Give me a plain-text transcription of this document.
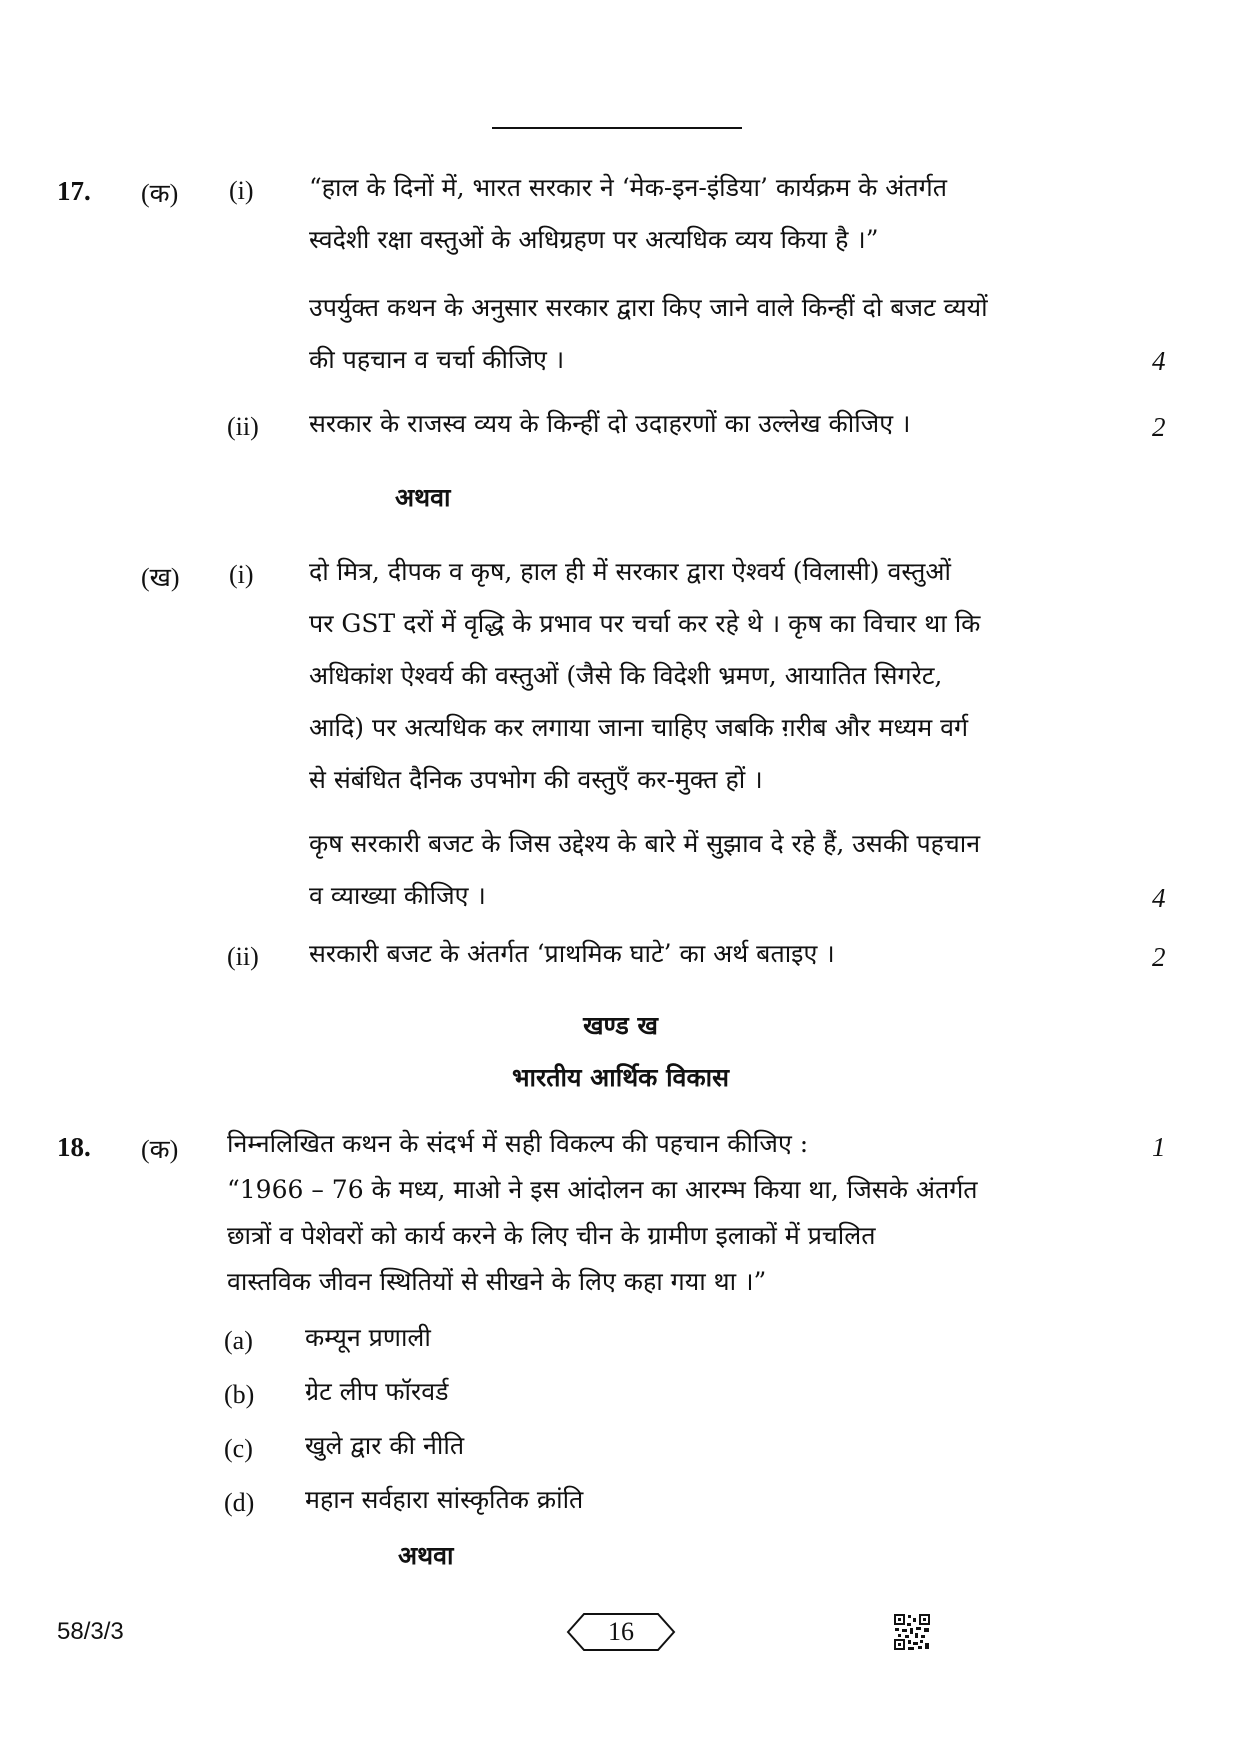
17. (क) (i) “हाल के दिनों में, भारत सरकार ने ‘मेक-इन-इंडिया’ कार्यक्रम के अंतर्गत
स्वदेशी रक्षा वस्तुओं के अधिग्रहण पर अत्यधिक व्यय किया है ।”
उपर्युक्त कथन के अनुसार सरकार द्वारा किए जाने वाले किन्हीं दो बजट व्ययों
की पहचान व चर्चा कीजिए ।	4
(ii) सरकार के राजस्व व्यय के किन्हीं दो उदाहरणों का उल्लेख कीजिए ।	2
अथवा
(ख) (i) दो मित्र, दीपक व कृष, हाल ही में सरकार द्वारा ऐश्वर्य (विलासी) वस्तुओं
पर GST दरों में वृद्धि के प्रभाव पर चर्चा कर रहे थे । कृष का विचार था कि
अधिकांश ऐश्वर्य की वस्तुओं (जैसे कि विदेशी भ्रमण, आयातित सिगरेट,
आदि) पर अत्यधिक कर लगाया जाना चाहिए जबकि ग़रीब और मध्यम वर्ग
से संबंधित दैनिक उपभोग की वस्तुएँ कर-मुक्त हों ।
कृष सरकारी बजट के जिस उद्देश्य के बारे में सुझाव दे रहे हैं, उसकी पहचान
व व्याख्या कीजिए ।	4
(ii) सरकारी बजट के अंतर्गत ‘प्राथमिक घाटे’ का अर्थ बताइए ।	2
खण्ड ख
भारतीय आर्थिक विकास
18. (क) निम्नलिखित कथन के संदर्भ में सही विकल्प की पहचान कीजिए :	1
“1966 – 76 के मध्य, माओ ने इस आंदोलन का आरम्भ किया था, जिसके अंतर्गत
छात्रों व पेशेवरों को कार्य करने के लिए चीन के ग्रामीण इलाकों में प्रचलित
वास्तविक जीवन स्थितियों से सीखने के लिए कहा गया था ।”
(a) कम्यून प्रणाली
(b) ग्रेट लीप फॉरवर्ड
(c) खुले द्वार की नीति
(d) महान सर्वहारा सांस्कृतिक क्रांति
अथवा
58/3/3	16
